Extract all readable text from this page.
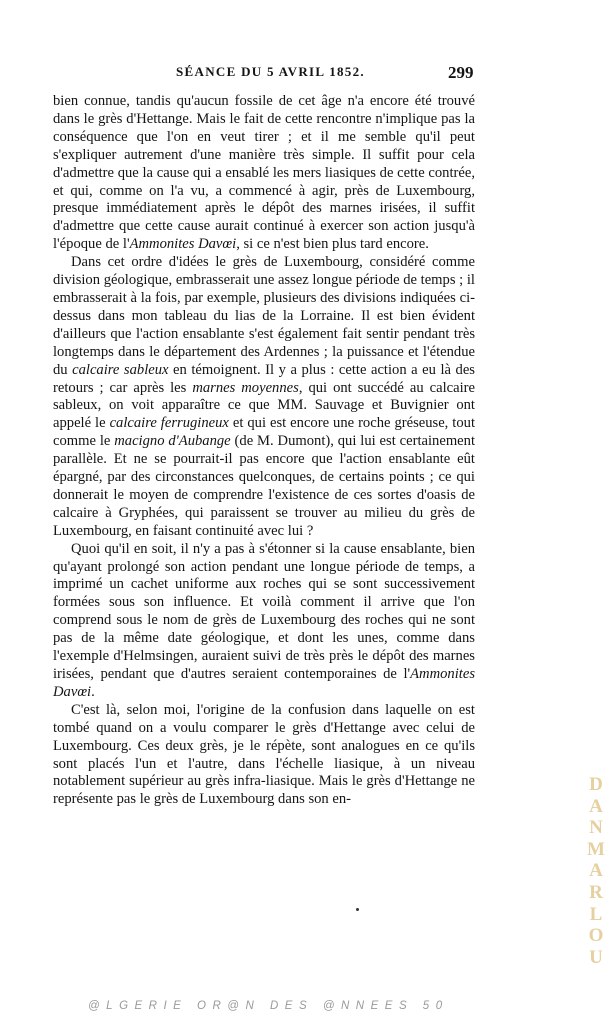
SÉANCE DU 5 AVRIL 1852.	299

bien connue, tandis qu'aucun fossile de cet âge n'a encore été trouvé dans le grès d'Hettange. Mais le fait de cette rencontre n'implique pas la conséquence que l'on en veut tirer ; et il me semble qu'il peut s'expliquer autrement d'une manière très simple. Il suffit pour cela d'admettre que la cause qui a ensablé les mers liasiques de cette contrée, et qui, comme on l'a vu, a commencé à agir, près de Luxembourg, presque immédiatement après le dépôt des marnes irisées, il suffit d'admettre que cette cause aurait continué à exercer son action jusqu'à l'époque de l'Ammonites Davœi, si ce n'est bien plus tard encore.

Dans cet ordre d'idées le grès de Luxembourg, considéré comme division géologique, embrasserait une assez longue période de temps ; il embrasserait à la fois, par exemple, plusieurs des divisions indiquées ci-dessus dans mon tableau du lias de la Lorraine. Il est bien évident d'ailleurs que l'action ensablante s'est également fait sentir pendant très longtemps dans le département des Ardennes ; la puissance et l'étendue du calcaire sableux en témoignent. Il y a plus : cette action a eu là des retours ; car après les marnes moyennes, qui ont succédé au calcaire sableux, on voit apparaître ce que MM. Sauvage et Buvignier ont appelé le calcaire ferrugineux et qui est encore une roche gréseuse, tout comme le macigno d'Aubange (de M. Dumont), qui lui est certainement parallèle. Et ne se pourrait-il pas encore que l'action ensablante eût épargné, par des circonstances quelconques, de certains points ; ce qui donnerait le moyen de comprendre l'existence de ces sortes d'oasis de calcaire à Gryphées, qui paraissent se trouver au milieu du grès de Luxembourg, en faisant continuité avec lui ?

Quoi qu'il en soit, il n'y a pas à s'étonner si la cause ensablante, bien qu'ayant prolongé son action pendant une longue période de temps, a imprimé un cachet uniforme aux roches qui se sont successivement formées sous son influence. Et voilà comment il arrive que l'on comprend sous le nom de grès de Luxembourg des roches qui ne sont pas de la même date géologique, et dont les unes, comme dans l'exemple d'Helmsingen, auraient suivi de très près le dépôt des marnes irisées, pendant que d'autres seraient contemporaines de l'Ammonites Davœi.

C'est là, selon moi, l'origine de la confusion dans laquelle on est tombé quand on a voulu comparer le grès d'Hettange avec celui de Luxembourg. Ces deux grès, je le répète, sont analogues en ce qu'ils sont placés l'un et l'autre, dans l'échelle liasique, à un niveau notablement supérieur au grès infra-liasique. Mais le grès d'Hettange ne représente pas le grès de Luxembourg dans son en-

DANMARLOU
@LGERIE OR@N DES @NNEES 50
